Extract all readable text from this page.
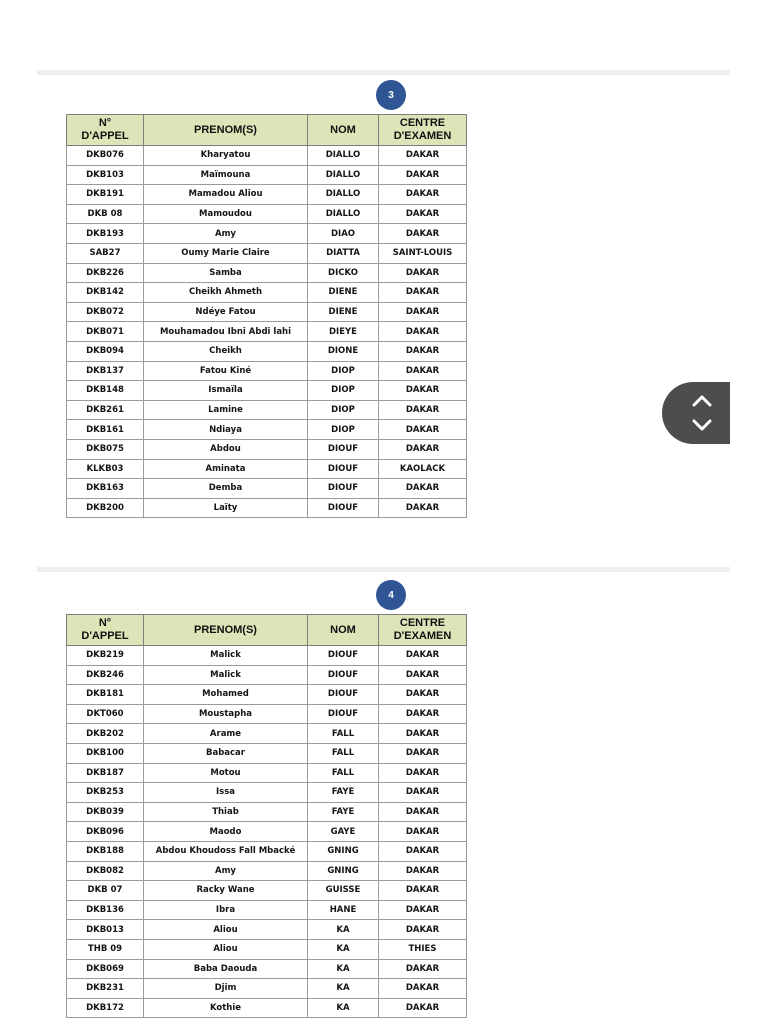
3
N°
D'APPEL	PRENOM(S)	NOM	CENTRE
D'EXAMEN
DKB076	Kharyatou	DIALLO	DAKAR
DKB103	Maïmouna	DIALLO	DAKAR
DKB191	Mamadou Aliou	DIALLO	DAKAR
DKB 08	Mamoudou	DIALLO	DAKAR
DKB193	Amy	DIAO	DAKAR
SAB27	Oumy Marie Claire	DIATTA	SAINT-LOUIS
DKB226	Samba	DICKO	DAKAR
DKB142	Cheikh Ahmeth	DIENE	DAKAR
DKB072	Ndéye Fatou	DIENE	DAKAR
DKB071	Mouhamadou Ibni Abdi lahi	DIEYE	DAKAR
DKB094	Cheikh	DIONE	DAKAR
DKB137	Fatou Kiné	DIOP	DAKAR
DKB148	Ismaïla	DIOP	DAKAR
DKB261	Lamine	DIOP	DAKAR
DKB161	Ndiaya	DIOP	DAKAR
DKB075	Abdou	DIOUF	DAKAR
KLKB03	Aminata	DIOUF	KAOLACK
DKB163	Demba	DIOUF	DAKAR
DKB200	Laïty	DIOUF	DAKAR
4
N°
D'APPEL	PRENOM(S)	NOM	CENTRE
D'EXAMEN
DKB219	Malick	DIOUF	DAKAR
DKB246	Malick	DIOUF	DAKAR
DKB181	Mohamed	DIOUF	DAKAR
DKT060	Moustapha	DIOUF	DAKAR
DKB202	Arame	FALL	DAKAR
DKB100	Babacar	FALL	DAKAR
DKB187	Motou	FALL	DAKAR
DKB253	Issa	FAYE	DAKAR
DKB039	Thiab	FAYE	DAKAR
DKB096	Maodo	GAYE	DAKAR
DKB188	Abdou Khoudoss Fall Mbacké	GNING	DAKAR
DKB082	Amy	GNING	DAKAR
DKB 07	Racky Wane	GUISSE	DAKAR
DKB136	Ibra	HANE	DAKAR
DKB013	Aliou	KA	DAKAR
THB 09	Aliou	KA	THIES
DKB069	Baba Daouda	KA	DAKAR
DKB231	Djim	KA	DAKAR
DKB172	Kothie	KA	DAKAR
